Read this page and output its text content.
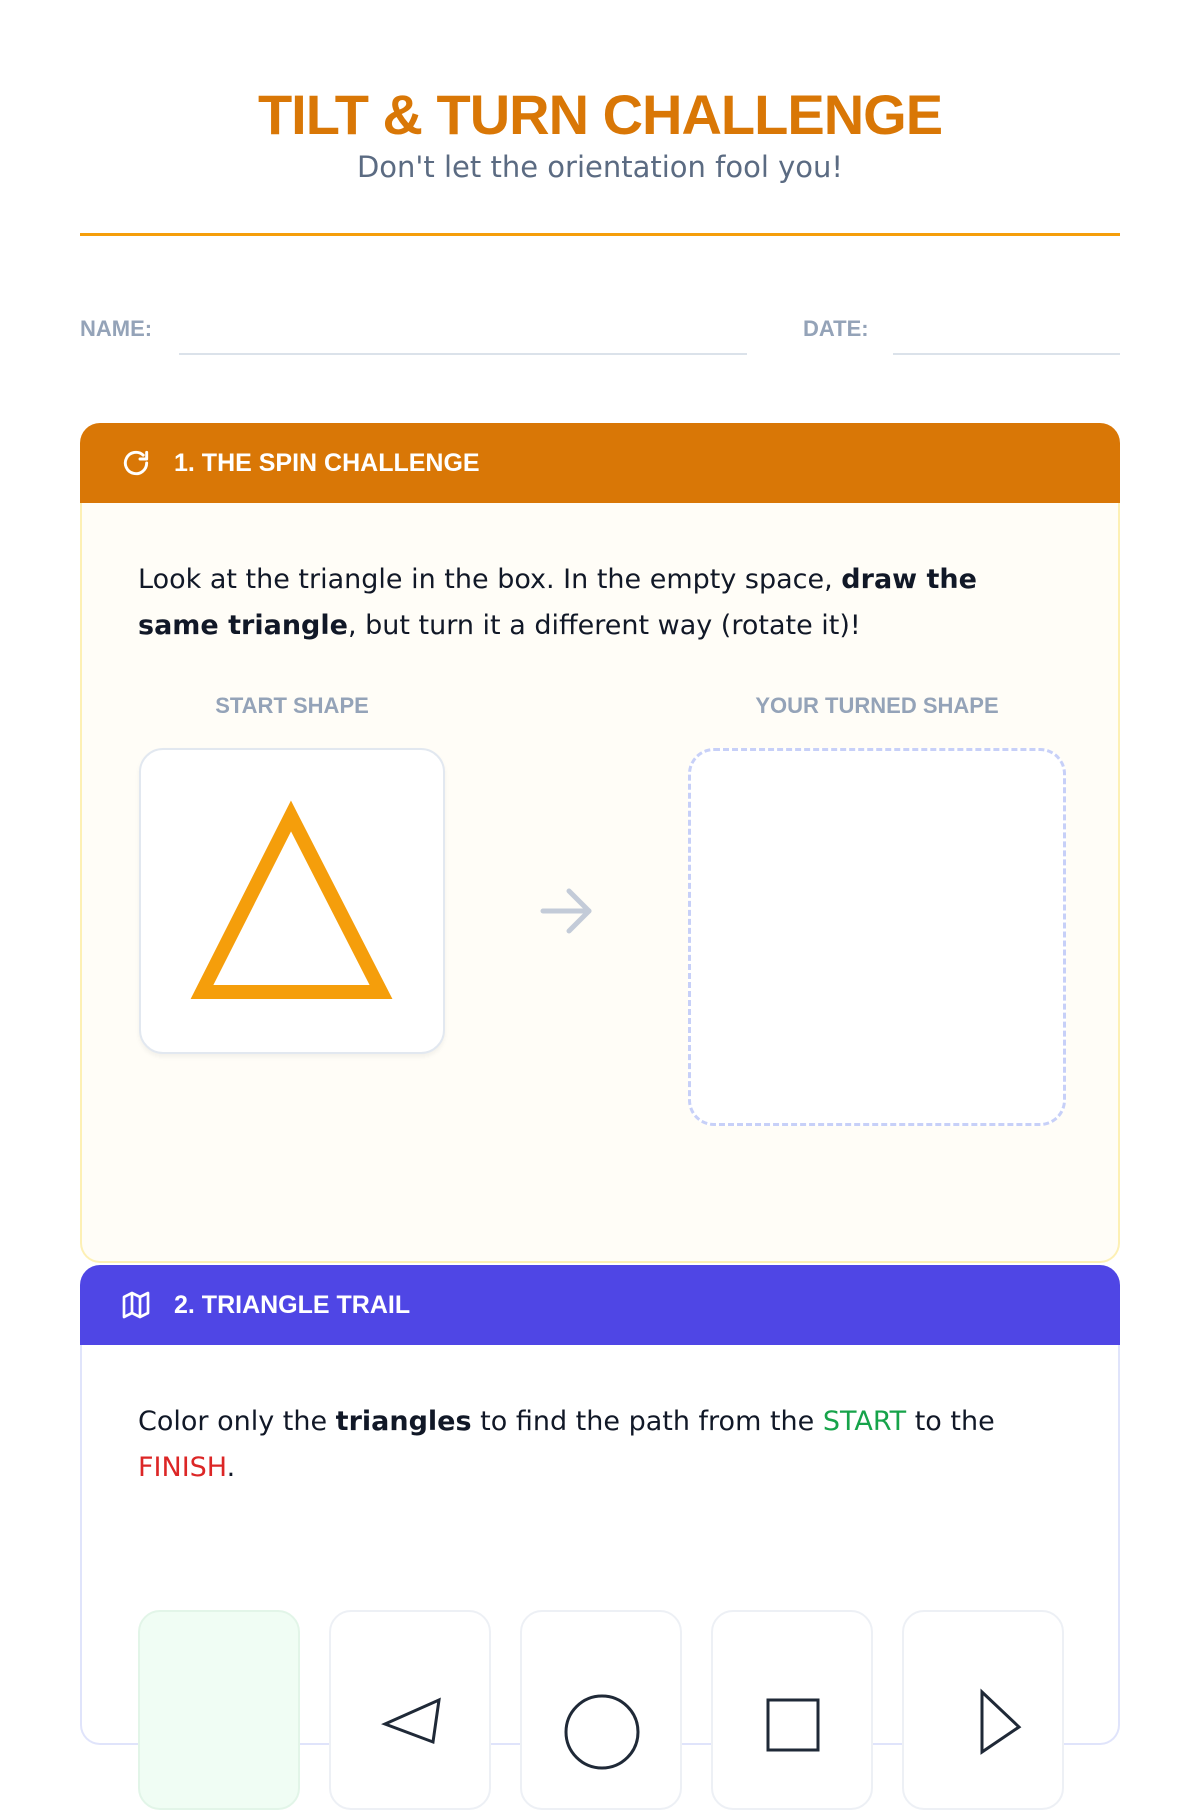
TILT & TURN CHALLENGE

Don't let the orientation fool you!

NAME:	DATE:
1. THE SPIN CHALLENGE

Look at the triangle in the box. In the empty space, draw the same triangle, but turn it a different way (rotate it)!

START SHAPE	YOUR TURNED SHAPE
2. TRIANGLE TRAIL

Color only the triangles to find the path from the START to the FINISH.
